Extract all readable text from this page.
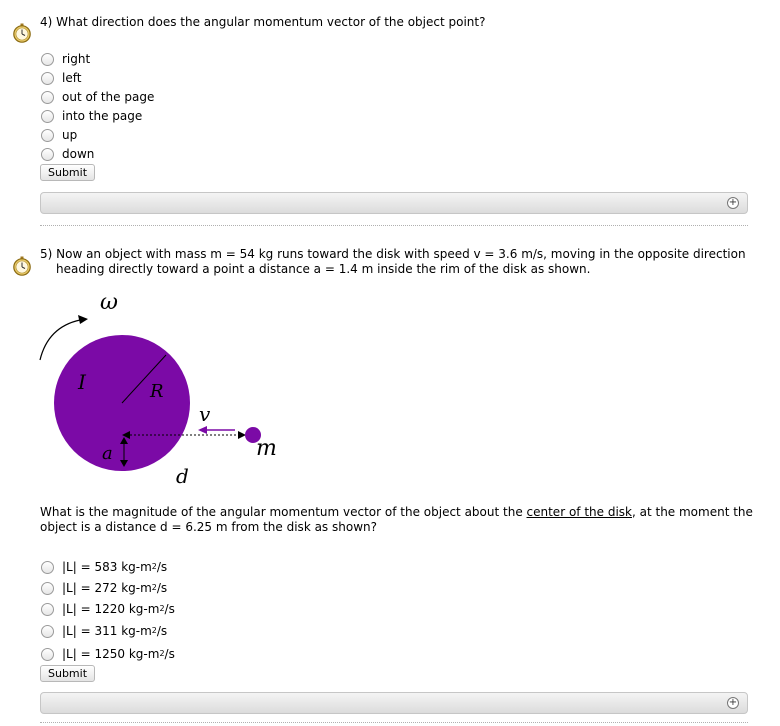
4) What direction does the angular momentum vector of the object point?
right
left
out of the page
into the page
up
down
Submit
+
5) Now an object with mass m = 54 kg runs toward the disk with speed v = 3.6 m/s, moving in the opposite direction
heading directly toward a point a distance a = 1.4 m inside the rim of the disk as shown.
ω
I	R
a
v
m
d
What is the magnitude of the angular momentum vector of the object about the center of the disk, at the moment the
object is a distance d = 6.25 m from the disk as shown?
|L| = 583
kg-m 2 /s
|L| = 272
kg-m 2 /s
|L| = 1220
kg-m 2 /s
|L| = 311
kg-m 2 /s
|L| = 1250
kg-m 2 /s
Submit
+
